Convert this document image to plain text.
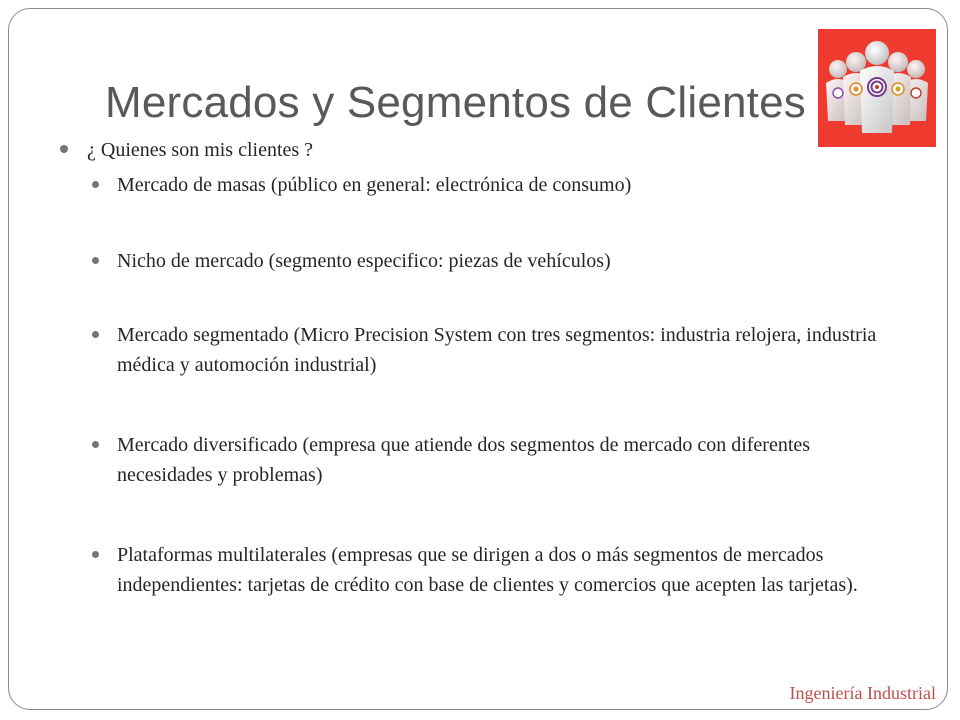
Mercados y Segmentos de Clientes
¿ Quienes son mis clientes ?
Mercado de masas (público en general: electrónica de consumo)
Nicho de mercado (segmento especifico: piezas de vehículos)
Mercado segmentado (Micro Precision System con tres segmentos: industria relojera, industria médica y automoción industrial)
Mercado diversificado (empresa que atiende dos segmentos de mercado con diferentes necesidades y problemas)
Plataformas multilaterales (empresas que se dirigen a dos o más segmentos de mercados independientes: tarjetas de crédito con base de clientes y comercios que acepten las tarjetas).
Ingeniería Industrial
